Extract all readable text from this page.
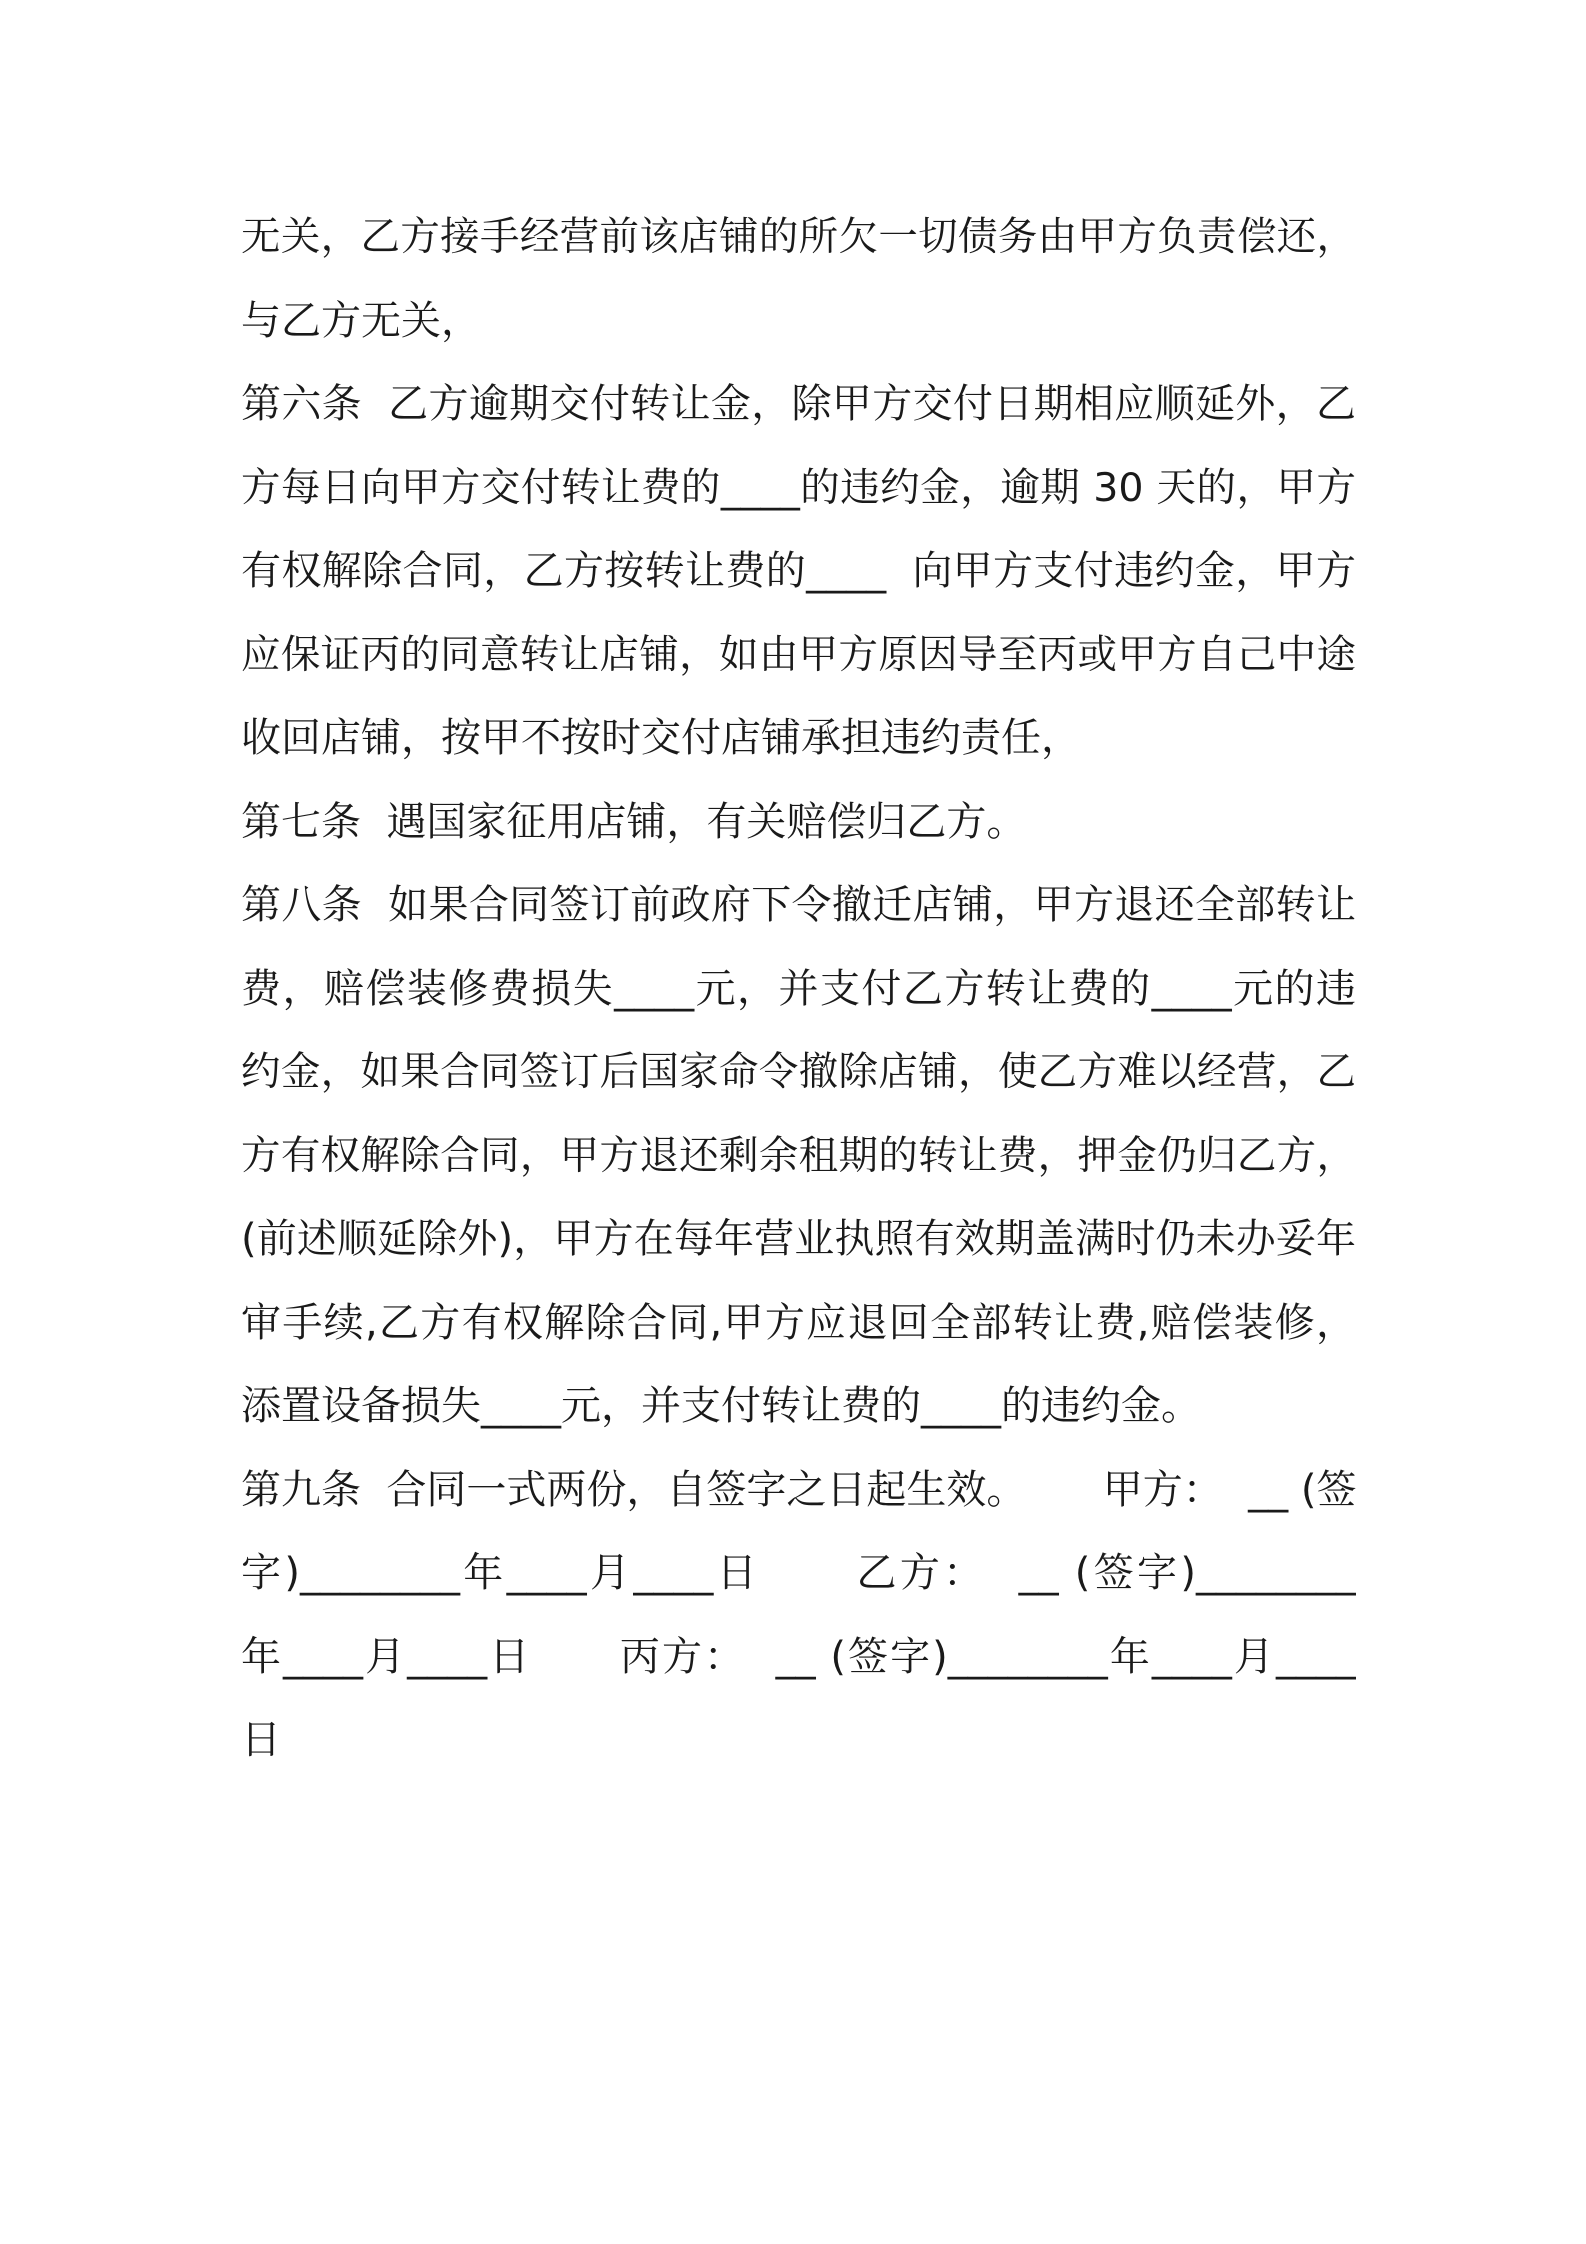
无关，乙方接手经营前该店铺的所欠一切债务由甲方负责偿还，
与乙方无关，
第六条  乙方逾期交付转让金，除甲方交付日期相应顺延外，乙
方每日向甲方交付转让费的____的违约金，逾期 30 天的，甲方
有权解除合同，乙方按转让费的____  向甲方支付违约金，甲方
应保证丙的同意转让店铺，如由甲方原因导至丙或甲方自己中途
收回店铺，按甲不按时交付店铺承担违约责任，
第七条  遇国家征用店铺，有关赔偿归乙方。
第八条  如果合同签订前政府下令撤迁店铺，甲方退还全部转让
费，赔偿装修费损失____元，并支付乙方转让费的____元的违
约金，如果合同签订后国家命令撤除店铺，使乙方难以经营，乙
方有权解除合同，甲方退还剩余租期的转让费，押金仍归乙方，
(前述顺延除外)，甲方在每年营业执照有效期盖满时仍未办妥年
审手续,乙方有权解除合同,甲方应退回全部转让费,赔偿装修，
添置设备损失____元，并支付转让费的____的违约金。
第九条  合同一式两份，自签字之日起生效。      甲方：  __ (签
字)________年____月____日      乙方：  __ (签字)________
年____月____日      丙方：  __ (签字)________年____月____
日
